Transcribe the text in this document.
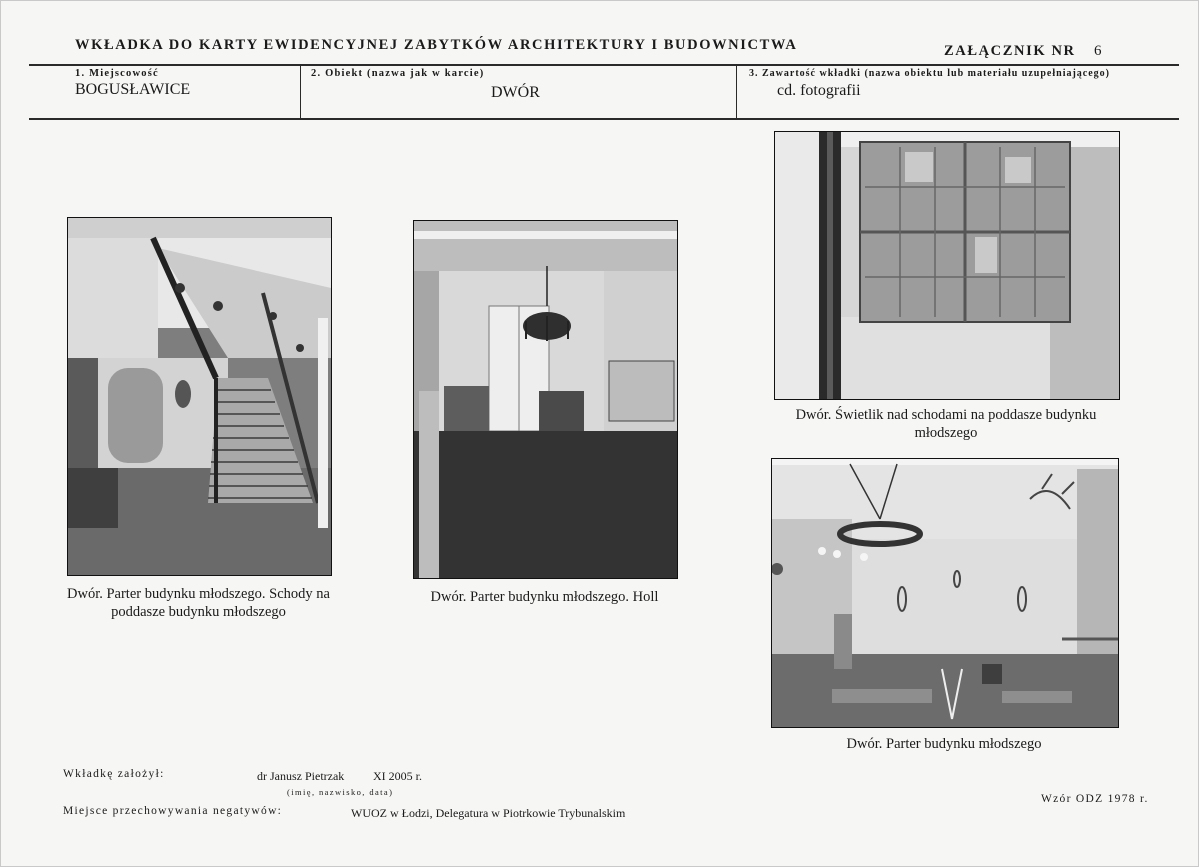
WKŁADKA DO KARTY EWIDENCYJNEJ ZABYTKÓW ARCHITEKTURY I BUDOWNICTWA	ZAŁĄCZNIK NR 6
1. Miejscowość
BOGUSŁAWICE
2. Obiekt (nazwa jak w karcie)
DWÓR
3. Zawartość wkładki (nazwa obiektu lub materiału uzupełniającego)
cd. fotografii
Dwór. Parter budynku młodszego. Schody na
poddasze budynku młodszego
Dwór. Parter budynku młodszego. Holl
Dwór. Świetlik nad schodami na poddasze budynku
młodszego
Dwór. Parter budynku młodszego
Wkładkę założył:	dr Janusz Pietrzak XI 2005 r.
(imię, nazwisko, data)
Miejsce przechowywania negatywów:	WUOZ w Łodzi, Delegatura w Piotrkowie Trybunalskim
Wzór ODZ 1978 r.
